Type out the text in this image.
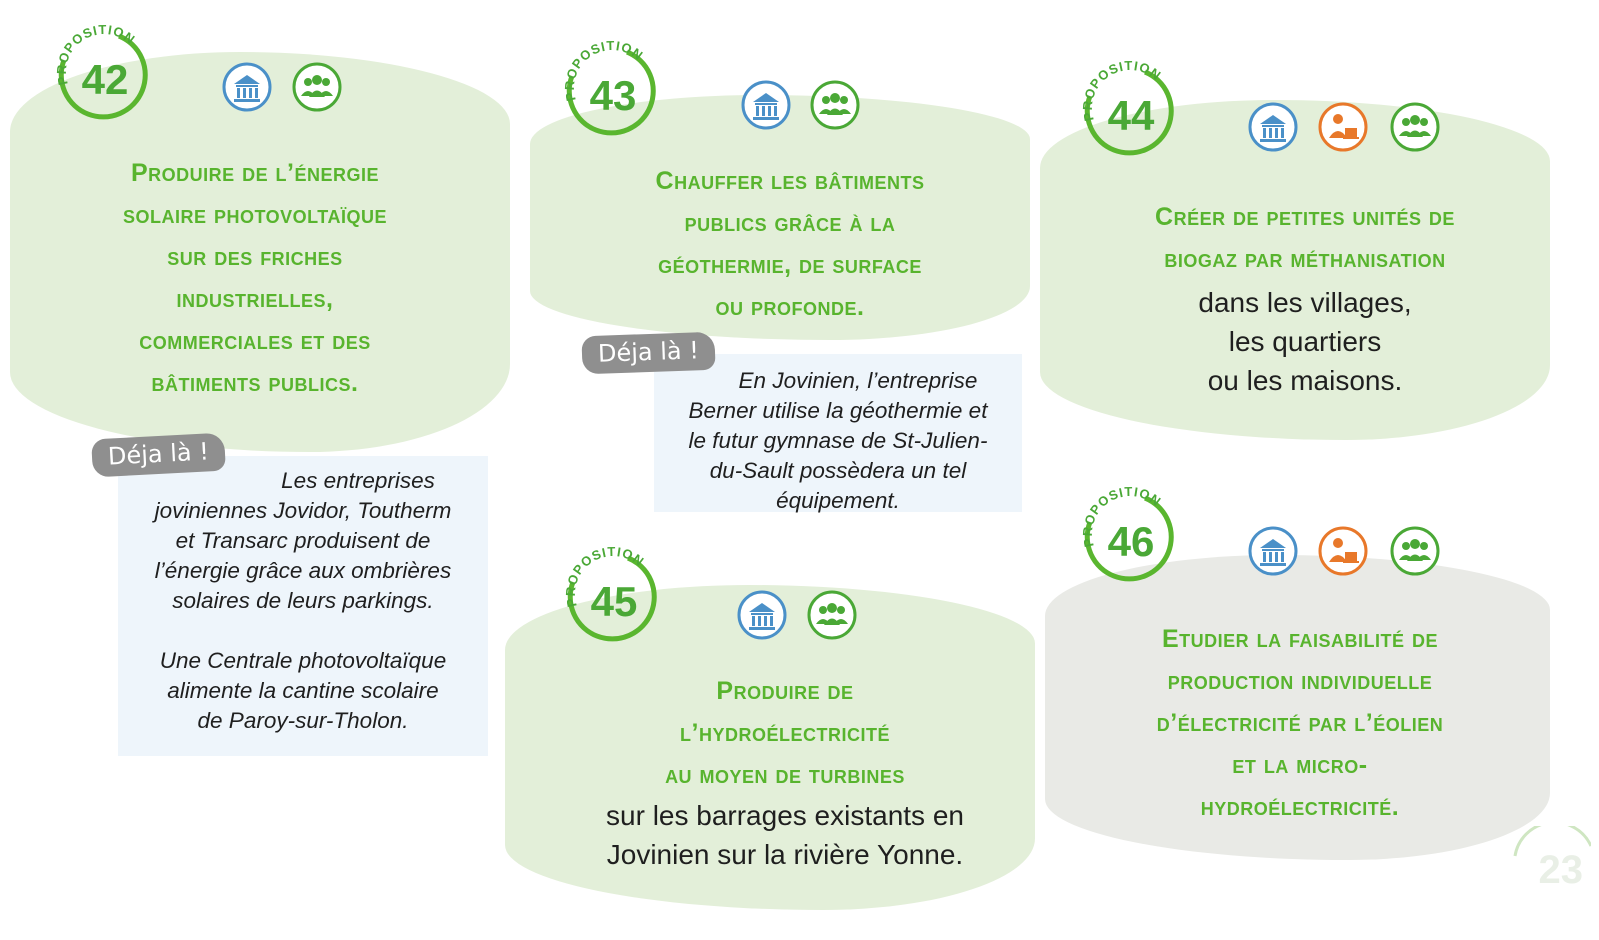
PROPOSITION
42
Produire de l’énergie
solaire photovoltaïque
sur des friches
industrielles,
commerciales et des
bâtiments publics.

Les entreprises

joviniennes Jovidor, Toutherm

et Transarc produisent de

l’énergie grâce aux ombrières

solaires de leurs parkings.

Une Centrale photovoltaïque

alimente la cantine scolaire

de Paroy-sur-Tholon.

Déja là !
PROPOSITION
43
Chauffer les bâtiments
publics grâce à la
géothermie, de surface
ou profonde.

En Jovinien, l’entreprise

Berner utilise la géothermie et

le futur gymnase de St-Julien-

du-Sault possèdera un tel

équipement.

Déja là !
PROPOSITION
44
Créer de petites unités de
biogaz par méthanisation
dans les villages,
les quartiers
ou les maisons.
PROPOSITION
45
Produire de
l’hydroélectricité
au moyen de turbines
sur les barrages existants en
Jovinien sur la rivière Yonne.
PROPOSITION
46
Etudier la faisabilité de
production individuelle
d’électricité par l’éolien
et la micro-
hydroélectricité.
23
